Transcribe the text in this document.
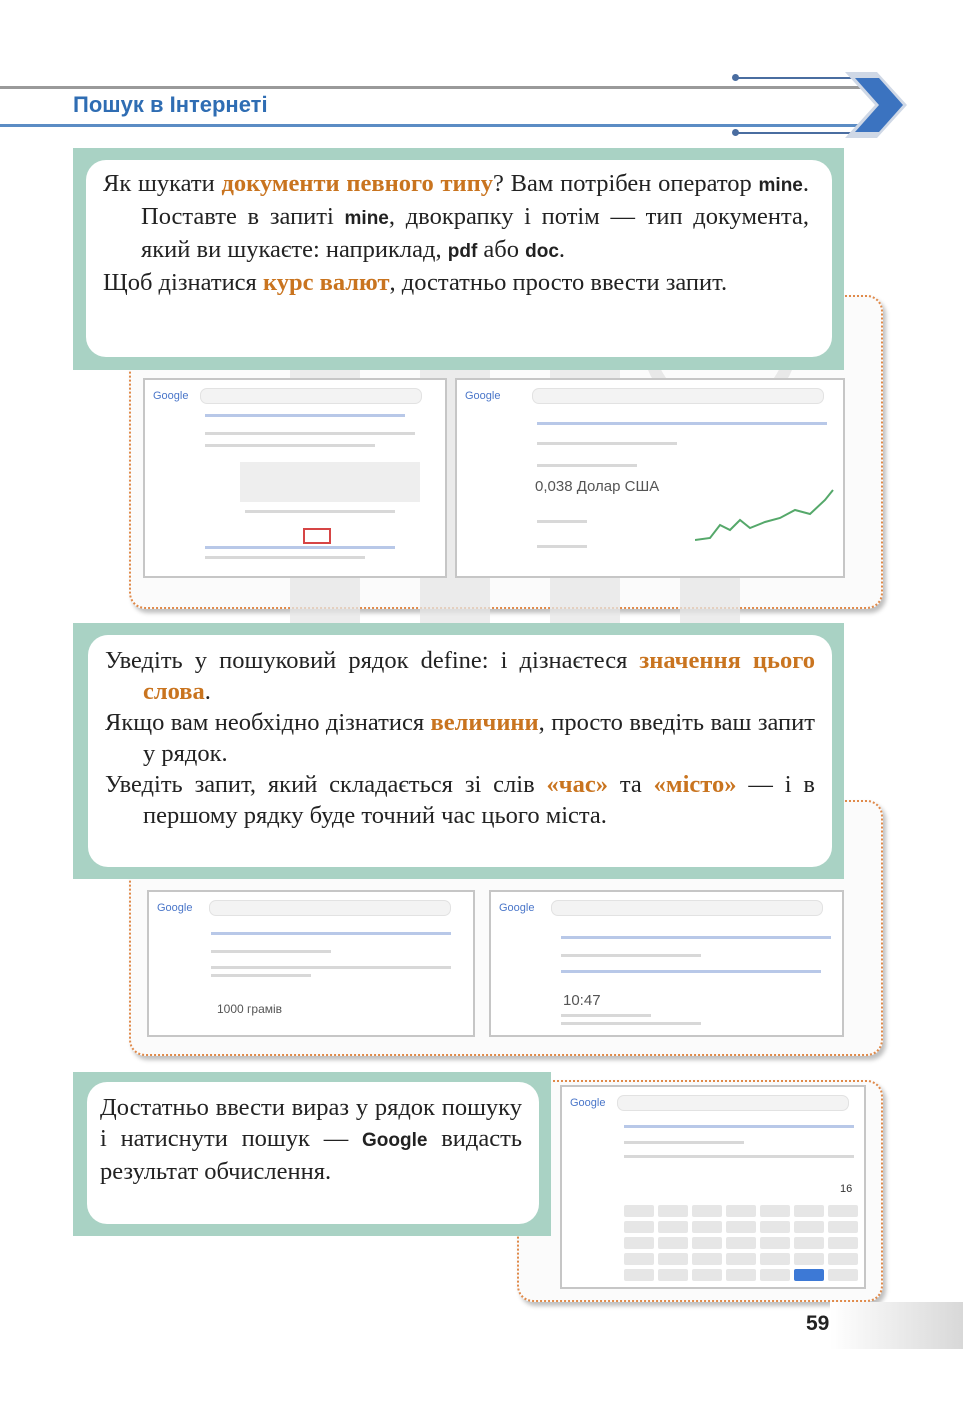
Пошук в Інтернеті

Як шукати документи певного типу? Вам потрібен оператор mine. Поставте в запиті mine, двокрапку і потім — тип документа, який ви шукаєте: наприклад, pdf або doc.

Щоб дізнатися курс валют, достатньо просто ввести запит.

Google	Google
0,038 Долар США

Уведіть у пошуковий рядок define: і дізнаєтеся значення цього слова.

Якщо вам необхідно дізнатися величини, просто введіть ваш запит у рядок.

Уведіть запит, який складається зі слів «час» та «місто» — і в першому рядку буде точний час цього міста.

Google
1000 грамів
Google
10:47

Достатньо ввести вираз у рядок пошуку і натиснути пошук — Google видасть результат обчислення.

Google
16
59
